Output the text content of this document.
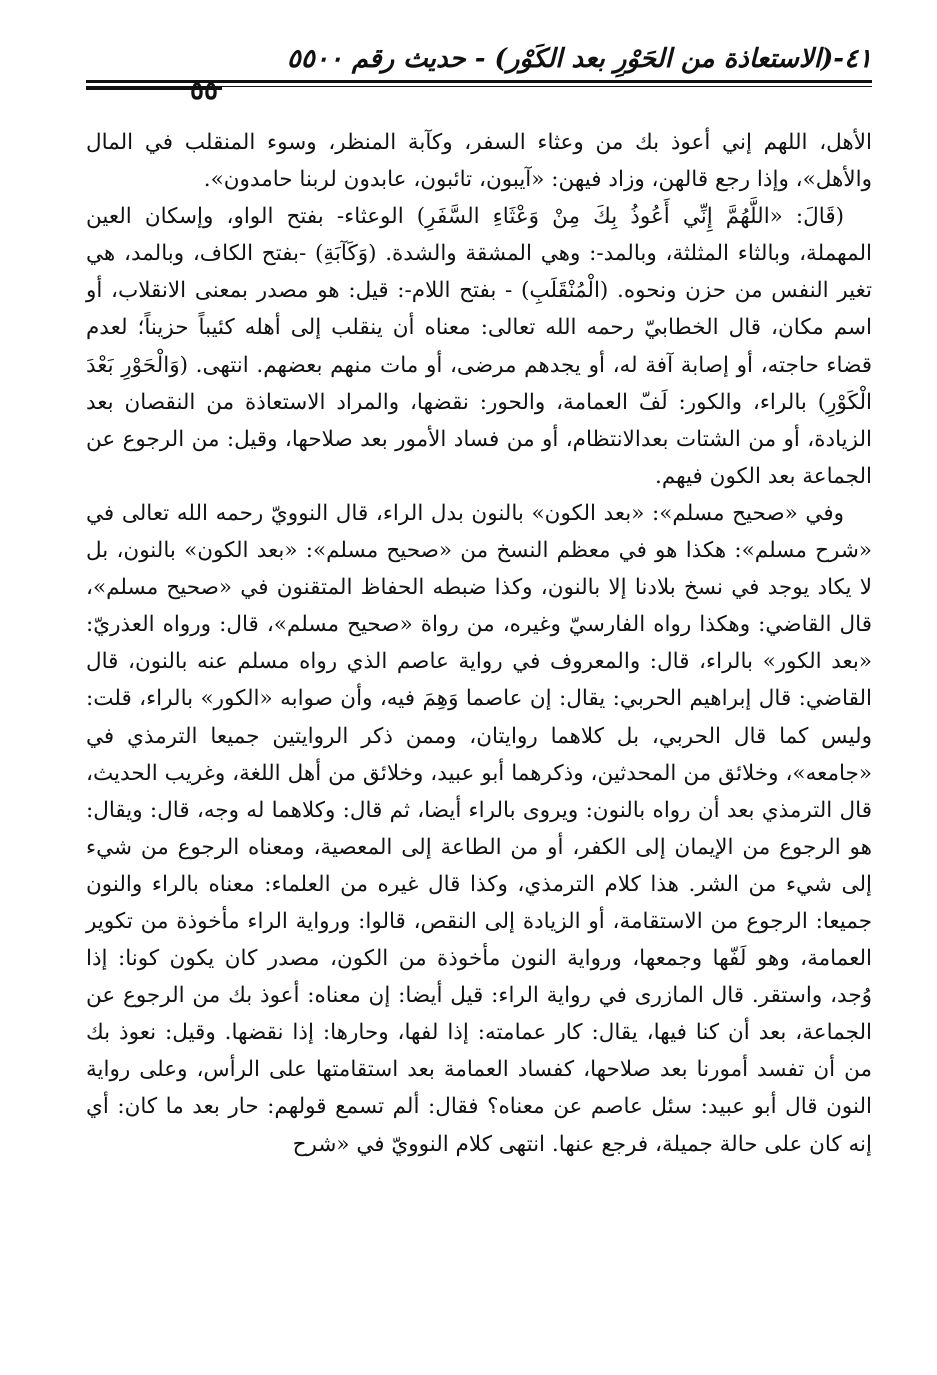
٤١-(الاستعاذة من الحَوْرِ بعد الكَوْر) - حديث رقم ٥٥٠٠
٥٥

الأهل، اللهم إني أعوذ بك من وعثاء السفر، وكآبة المنظر، وسوء المنقلب في المال والأهل»، وإذا رجع قالهن، وزاد فيهن: «آيبون، تائبون، عابدون لربنا حامدون».

(قَالَ: «اللَّهُمَّ إِنِّي أَعُوذُ بِكَ مِنْ وَعْثَاءِ السَّفَرِ) الوعثاء- بفتح الواو، وإسكان العين المهملة، وبالثاء المثلثة، وبالمد-: وهي المشقة والشدة. (وَكَآبَةِ) -بفتح الكاف، وبالمد، هي تغير النفس من حزن ونحوه. (الْمُنْقَلَبِ) - بفتح اللام-: قيل: هو مصدر بمعنى الانقلاب، أو اسم مكان، قال الخطابيّ رحمه الله تعالى: معناه أن ينقلب إلى أهله كئيباً حزيناً؛ لعدم قضاء حاجته، أو إصابة آفة له، أو يجدهم مرضى، أو مات منهم بعضهم. انتهى. (وَالْحَوْرِ بَعْدَ الْكَوْرِ) بالراء، والكور: لَفّ العمامة، والحور: نقضها، والمراد الاستعاذة من النقصان بعد الزيادة، أو من الشتات بعدالانتظام، أو من فساد الأمور بعد صلاحها، وقيل: من الرجوع عن الجماعة بعد الكون فيهم.

وفي «صحيح مسلم»: «بعد الكون» بالنون بدل الراء، قال النوويّ رحمه الله تعالى في «شرح مسلم»: هكذا هو في معظم النسخ من «صحيح مسلم»: «بعد الكون» بالنون، بل لا يكاد يوجد في نسخ بلادنا إلا بالنون، وكذا ضبطه الحفاظ المتقنون في «صحيح مسلم»، قال القاضي: وهكذا رواه الفارسيّ وغيره، من رواة «صحيح مسلم»، قال: ورواه العذريّ: «بعد الكور» بالراء، قال: والمعروف في رواية عاصم الذي رواه مسلم عنه بالنون، قال القاضي: قال إبراهيم الحربي: يقال: إن عاصما وَهِمَ فيه، وأن صوابه «الكور» بالراء، قلت: وليس كما قال الحربي، بل كلاهما روايتان، وممن ذكر الروايتين جميعا الترمذي في «جامعه»، وخلائق من المحدثين، وذكرهما أبو عبيد، وخلائق من أهل اللغة، وغريب الحديث، قال الترمذي بعد أن رواه بالنون: ويروى بالراء أيضا، ثم قال: وكلاهما له وجه، قال: ويقال: هو الرجوع من الإيمان إلى الكفر، أو من الطاعة إلى المعصية، ومعناه الرجوع من شيء إلى شيء من الشر. هذا كلام الترمذي، وكذا قال غيره من العلماء: معناه بالراء والنون جميعا: الرجوع من الاستقامة، أو الزيادة إلى النقص، قالوا: ورواية الراء مأخوذة من تكوير العمامة، وهو لَفّها وجمعها، ورواية النون مأخوذة من الكون، مصدر كان يكون كونا: إذا وُجد، واستقر. قال المازرى في رواية الراء: قيل أيضا: إن معناه: أعوذ بك من الرجوع عن الجماعة، بعد أن كنا فيها، يقال: كار عمامته: إذا لفها، وحارها: إذا نقضها. وقيل: نعوذ بك من أن تفسد أمورنا بعد صلاحها، كفساد العمامة بعد استقامتها على الرأس، وعلى رواية النون قال أبو عبيد: سئل عاصم عن معناه؟ فقال: ألم تسمع قولهم: حار بعد ما كان: أي إنه كان على حالة جميلة، فرجع عنها. انتهى كلام النوويّ في «شرح
